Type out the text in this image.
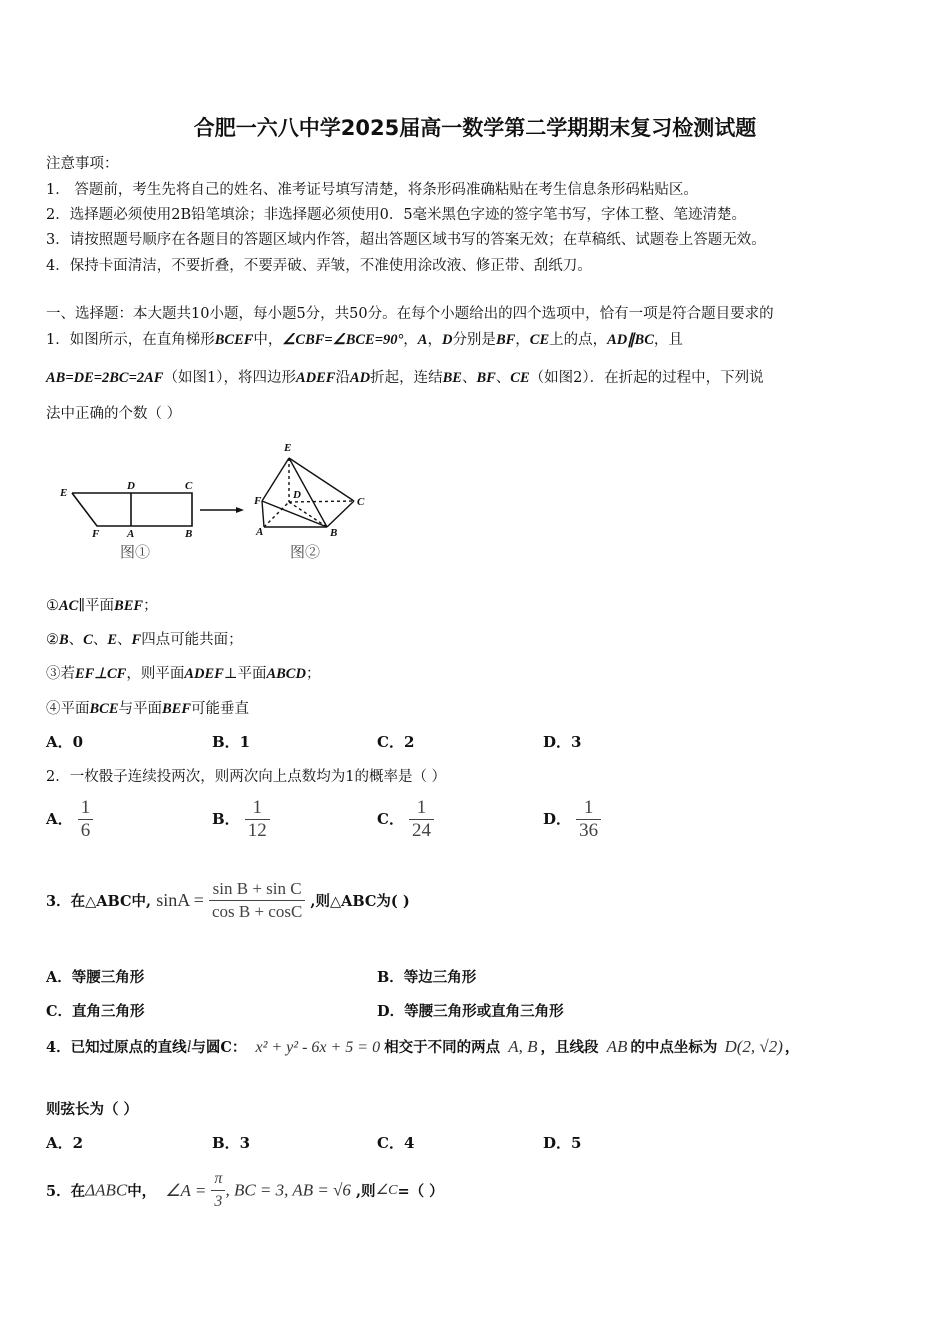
合肥一六八中学2025届高一数学第二学期期末复习检测试题
注意事项：
1． 答题前，考生先将自己的姓名、准考证号填写清楚，将条形码准确粘贴在考生信息条形码粘贴区。
2．选择题必须使用2B铅笔填涂；非选择题必须使用0．5毫米黑色字迹的签字笔书写，字体工整、笔迹清楚。
3．请按照题号顺序在各题目的答题区域内作答，超出答题区域书写的答案无效；在草稿纸、试题卷上答题无效。
4．保持卡面清洁，不要折叠，不要弄破、弄皱，不准使用涂改液、修正带、刮纸刀。
一、选择题：本大题共10小题，每小题5分，共50分。在每个小题给出的四个选项中，恰有一项是符合题目要求的
1．如图所示，在直角梯形BCEF中，∠CBF=∠BCE=90°，A，D分别是BF，CE上的点，AD∥BC，且
AB=DE=2BC=2AF（如图1），将四边形ADEF沿AD折起，连结BE、BF、CE（如图2）．在折起的过程中，下列说
法中正确的个数（ ）
E
D	C
F	A	B
图①
E
D
C
F
A	B
图②
①AC∥平面BEF；
②B、C、E、F四点可能共面；
③若EF⊥CF，则平面ADEF⊥平面ABCD；
④平面BCE与平面BEF可能垂直
A．0	B．1	C．2	D．3
2．一枚骰子连续投两次，则两次向上点数均为1的概率是（ ）
A． $\frac{1}{6}$	B． $\frac{1}{12}$	C． $\frac{1}{24}$	D． $\frac{1}{36}$
3．在△ABC中, $\sin A = \frac{\text{sin B + sin C}}{\text{cos B + cosC}}$ ,则△ABC为( )
A．等腰三角形	B．等边三角形
C．直角三角形	D．等腰三角形或直角三角形
4．已知过原点的直线l与圆C： x² + y² - 6x + 5 = 0 相交于不同的两点 A, B ，且线段 AB 的中点坐标为 D(2, √2) ，
则弦长为（ ）
A．2	B．3	C．4	D．5
5．在ΔABC中， ∠A = $\frac{\pi}{3}$ , BC = 3, AB = √6 ,则∠C=（ ）
